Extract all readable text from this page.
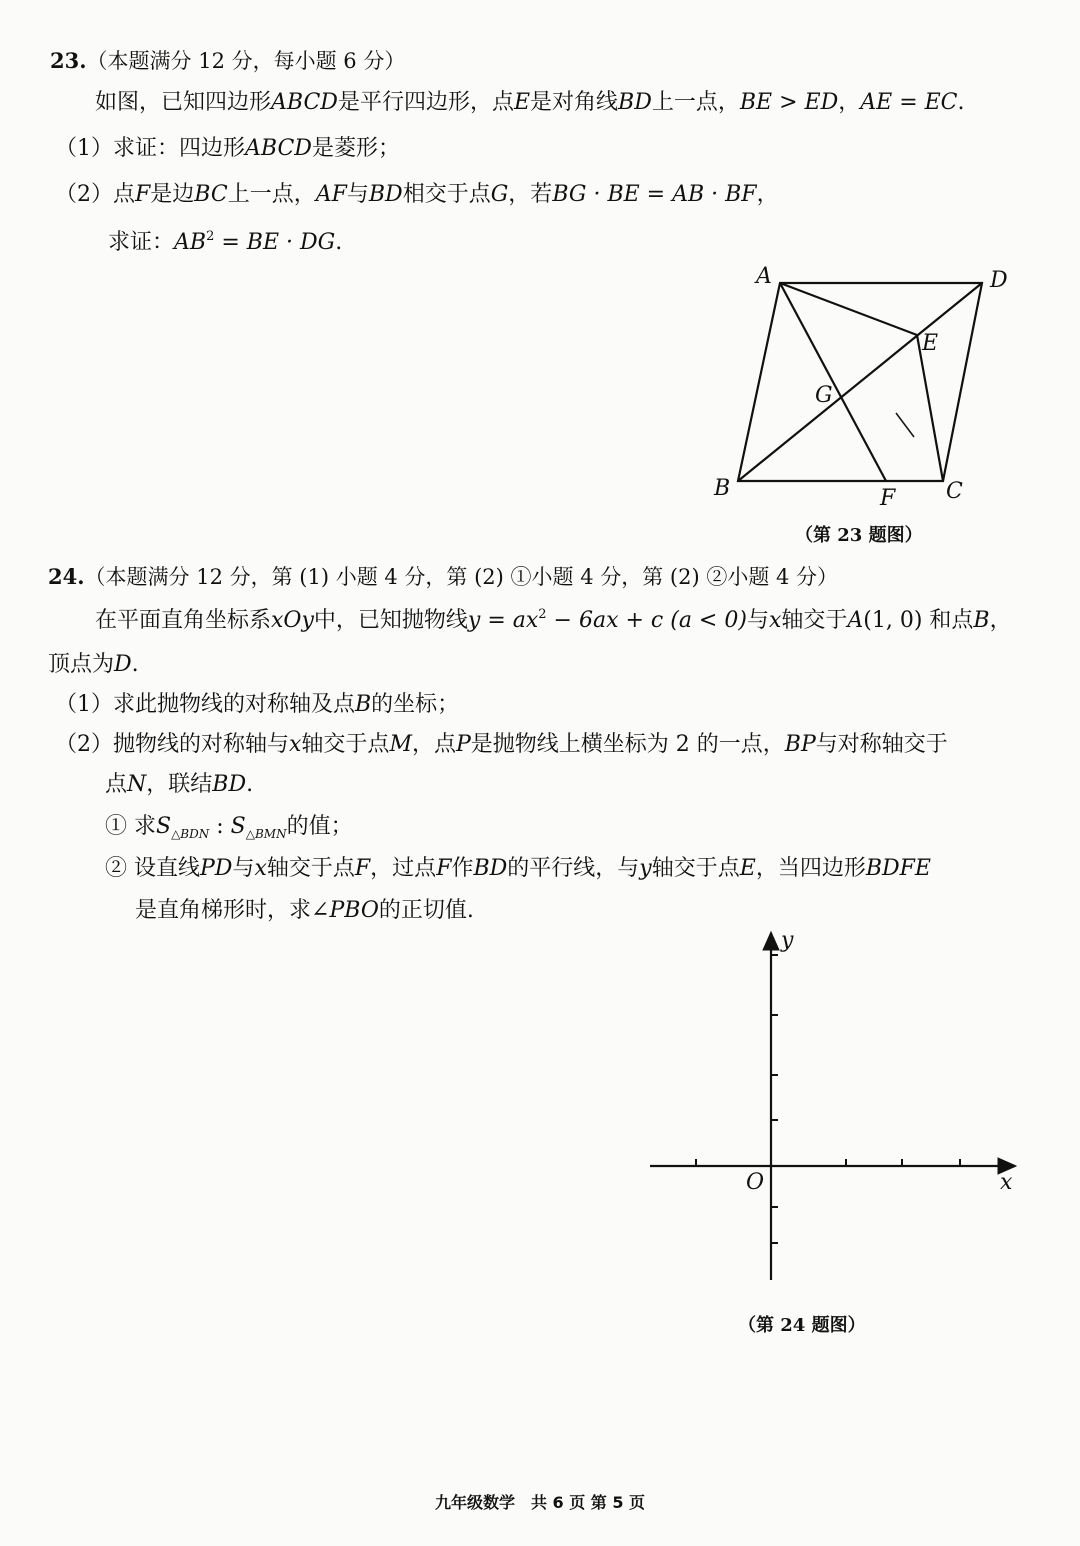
23.（本题满分 12 分，每小题 6 分）
如图，已知四边形ABCD是平行四边形，点E是对角线BD上一点，BE > ED，AE = EC.
（1）求证：四边形ABCD是菱形；
（2）点F是边BC上一点，AF与BD相交于点G，若BG · BE = AB · BF，
求证：$AB^2$ = BE · DG.
A	D
E
G
B	F C
（第 23 题图）
24.（本题满分 12 分，第 (1) 小题 4 分，第 (2) ①小题 4 分，第 (2) ②小题 4 分）
在平面直角坐标系xOy中，已知抛物线$y = ax^2 - 6ax + c$ (a < 0)与x轴交于A(1, 0) 和点B，
顶点为D.
（1）求此抛物线的对称轴及点B的坐标；
（2）抛物线的对称轴与x轴交于点M，点P是抛物线上横坐标为 2 的一点，BP与对称轴交于
点N，联结BD.
① 求$S_{\triangle BDN}$ : $S_{\triangle BMN}$的值；
② 设直线PD与x轴交于点F，过点F作BD的平行线，与y轴交于点E，当四边形BDFE
是直角梯形时，求∠PBO的正切值.
y
x
O
（第 24 题图）
九年级数学　共 6 页 第 5 页
